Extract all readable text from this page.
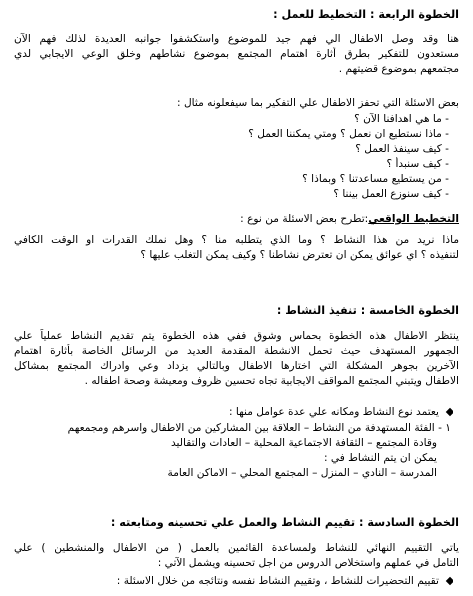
الخطوة الرابعة : التخطيط للعمل :
هنا وقد وصل الاطفال الي فهم جيد للموضوع واستكشفوا جوانبه العديدة لذلك فهم الآن
مستعدون للتفكير بطرق أثارة اهتمام المجتمع بموضوع نشاطهم وخلق الوعي الايجابي لدي
مجتمعهم بموضوع قضيتهم .
بعض الاسئلة التي تحفز الاطفال علي التفكير بما سيفعلونه مثال :
- ما هي اهدافنا الآن ؟
- ماذا نستطيع ان نعمل ؟ ومتي يمكننا العمل ؟
- كيف سينفذ العمل ؟
- كيف سنبدأ ؟
- من يستطيع مساعدتنا ؟ وبماذا ؟
- كيف سنوزع العمل بيننا ؟
التخطيط الواقعي:تطرح بعض الاسئلة من نوع :
ماذا نريد من هذا النشاط ؟ وما الذي يتطلبه منا ؟ وهل نملك القدرات او الوقت الكافي
لتنفيذه ؟ اي عوائق يمكن ان تعترض نشاطنا ؟ وكيف يمكن التغلب عليها ؟
الخطوة الخامسة : تنفيذ النشاط :
ينتظر الاطفال هذه الخطوة بحماس وشوق ففي هذه الخطوة يتم تقديم النشاط عملياً علي
الجمهور المستهدف حيث تحمل الانشطة المقدمة العديد من الرسائل الخاصة بأثارة اهتمام
الآخرين بجوهر المشكلة التي اختارها الاطفال وبالتالي يزداد وعي وادراك المجتمع بمشاكل
الاطفال ويتبني المجتمع المواقف الايجابية تجاه تحسين ظروف ومعيشة وصحة اطفاله .
يعتمد نوع النشاط ومكانه علي عدة عوامل منها :
١ - الفئة المستهدفة من النشاط – العلاقة بين المشاركين من الاطفال واسرهم ومجمعهم
وقادة المجتمع – الثقافة الاجتماعية المحلية – العادات والتقاليد
يمكن ان يتم النشاط في :
المدرسة – النادي – المنزل – المجتمع المحلي – الاماكن العامة
الخطوة السادسة : تقييم النشاط والعمل علي تحسينه ومتابعته :
ياتي التقييم النهائي للنشاط ولمساعدة القائمين بالعمل ( من الاطفال والمنشطين ) علي
التامل في عملهم واستخلاص الدروس من اجل تحسينه ويشمل الآتي :
تقييم التحضيرات للنشاط ، وتقييم النشاط نفسه ونتائجه من خلال الاسئلة :
